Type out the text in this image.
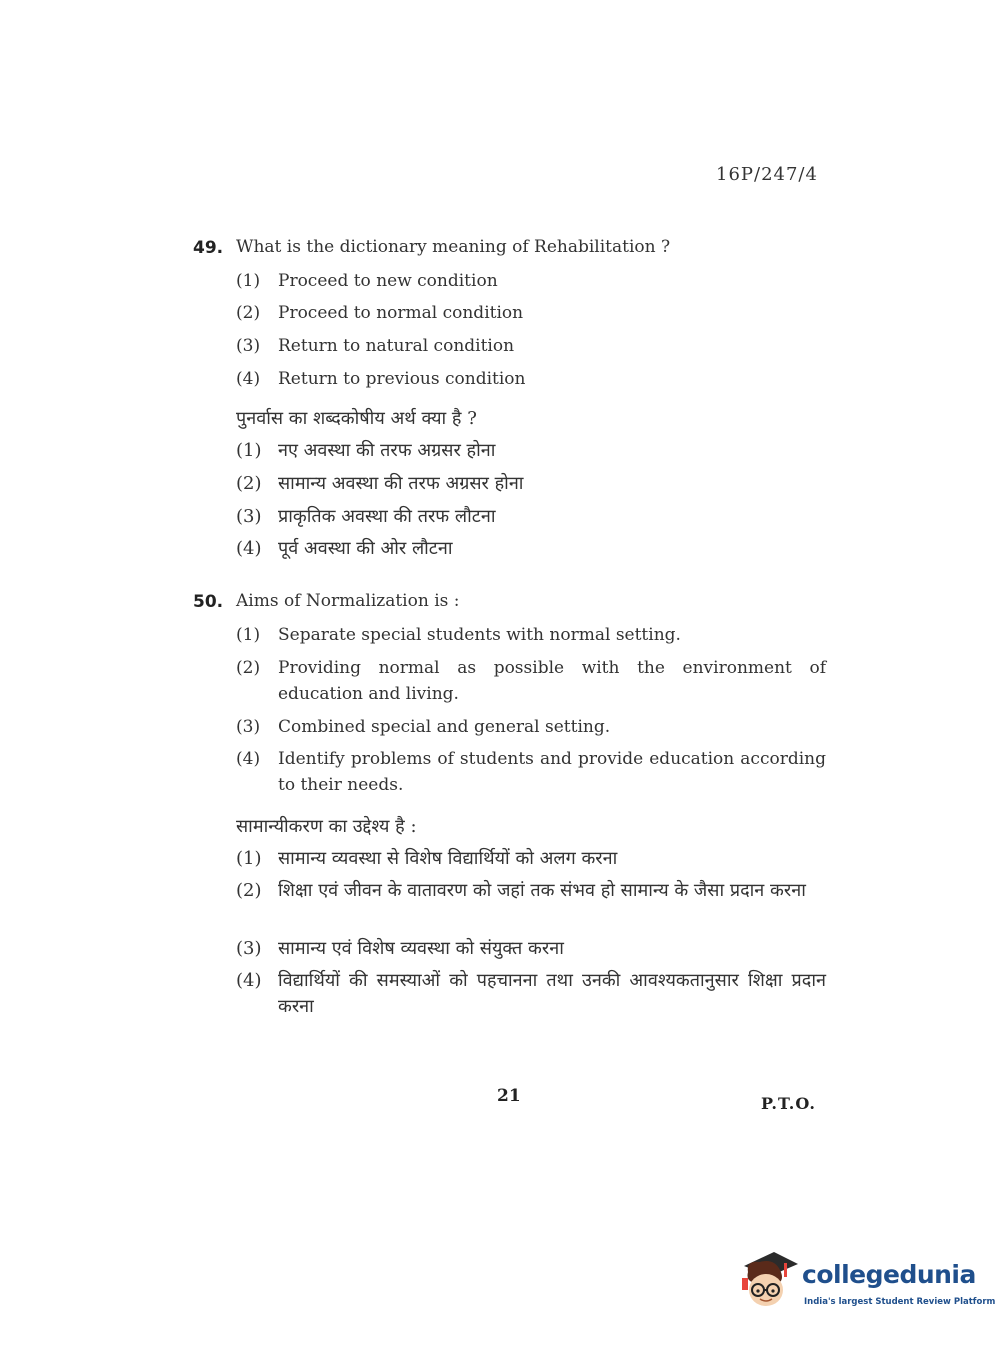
16P/247/4
49. What is the dictionary meaning of Rehabilitation ?
(1) Proceed to new condition
(2) Proceed to normal condition
(3) Return to natural condition
(4) Return to previous condition
पुनर्वास का शब्दकोषीय अर्थ क्या है ?
(1) नए अवस्था की तरफ अग्रसर होना
(2) सामान्य अवस्था की तरफ अग्रसर होना
(3) प्राकृतिक अवस्था की तरफ लौटना
(4) पूर्व अवस्था की ओर लौटना
50. Aims of Normalization is :
(1) Separate special students with normal setting.
(2) Providing normal as possible with the environment of education and living.
(3) Combined special and general setting.
(4) Identify problems of students and provide education according to their needs.
सामान्यीकरण का उद्देश्य है :
(1) सामान्य व्यवस्था से विशेष विद्यार्थियों को अलग करना
(2) शिक्षा एवं जीवन के वातावरण को जहां तक संभव हो सामान्य के जैसा प्रदान करना
(3) सामान्य एवं विशेष व्यवस्था को संयुक्त करना
(4) विद्यार्थियों की समस्याओं को पहचानना तथा उनकी आवश्यकतानुसार शिक्षा प्रदान करना
21	P.T.O.
collegedunia
India's largest Student Review Platform
